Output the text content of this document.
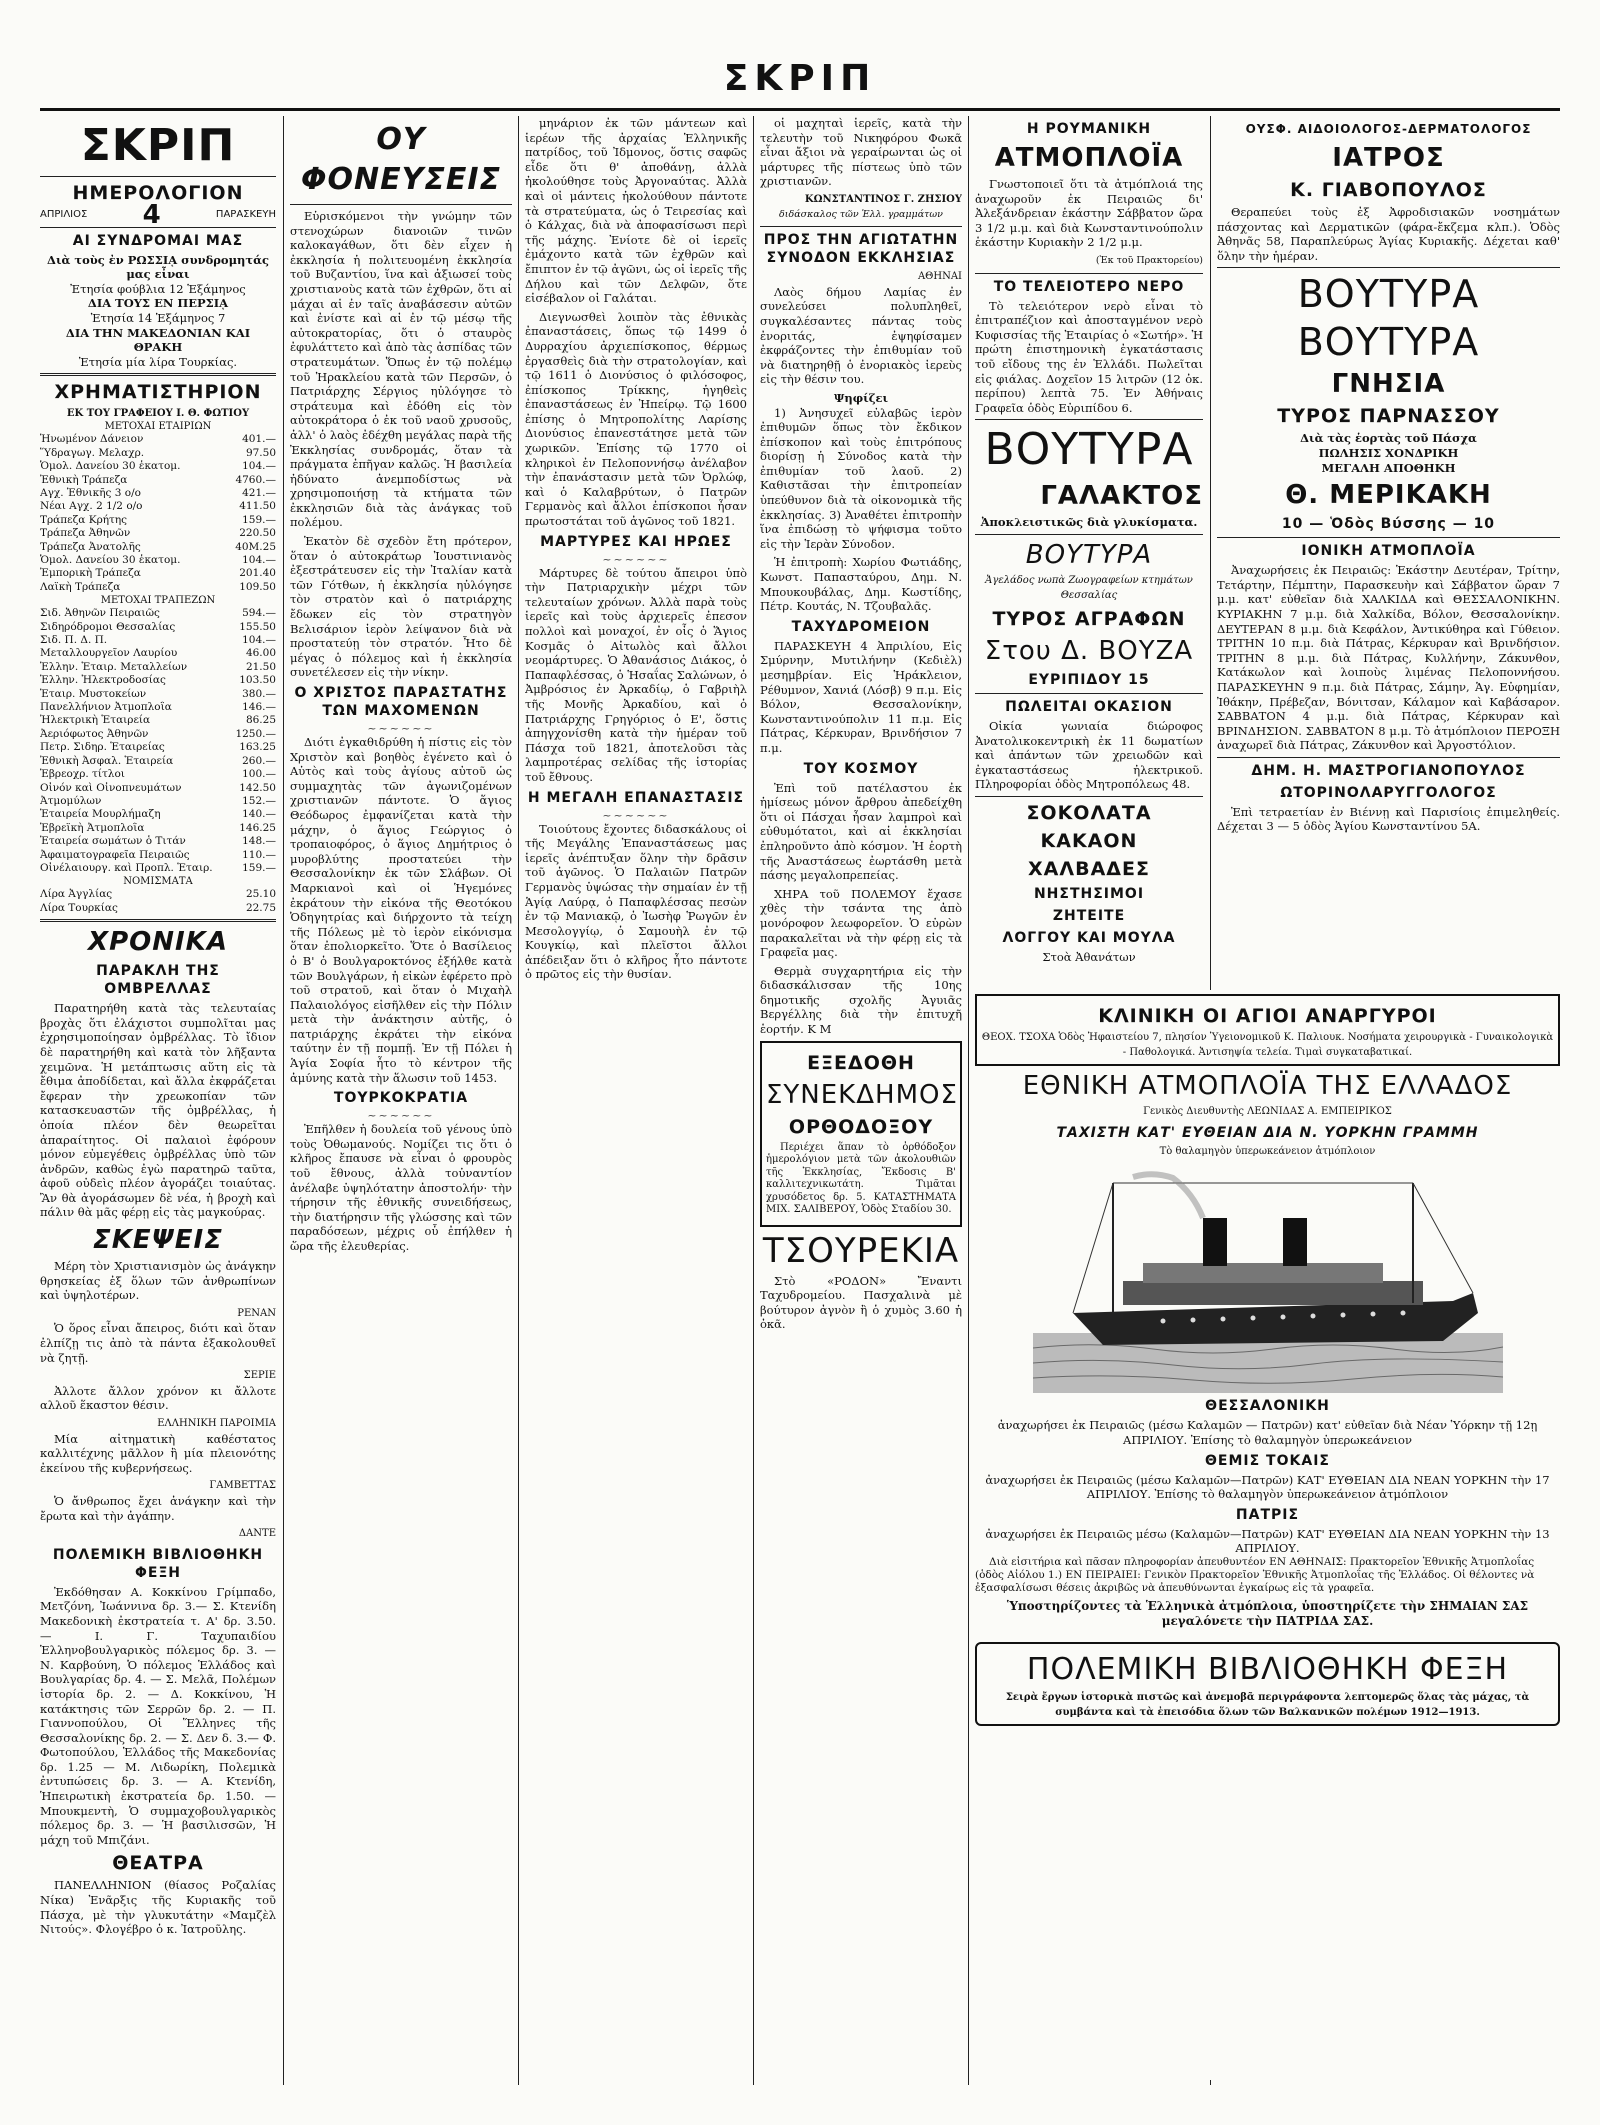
ΣΚΡΙΠ
ΣΚΡΙΠ
ΗΜΕΡΟΛΟΓΙΟΝ
ΑΠΡΙΛΙΟΣ 4	ΠΑΡΑΣΚΕΥΗ
ΑΙ ΣΥΝΔΡΟΜΑΙ ΜΑΣ
Διὰ τοὺς ἐν ΡΩΣΣΙᾼ συνδρομητάς μας εἶναι
Ἐτησία φούβλια 12 Ἑξάμηνος
ΔΙΑ ΤΟΥΣ ΕΝ ΠΕΡΣΙᾼ
Ἐτησία 14 Ἑξάμηνος 7
ΔΙΑ ΤΗΝ ΜΑΚΕΔΟΝΙΑΝ ΚΑΙ ΘΡΑΚΗ
Ἐτησία μία λίρα Τουρκίας.
ΧΡΗΜΑΤΙΣΤΗΡΙΟΝ
ΕΚ ΤΟΥ ΓΡΑΦΕΙΟΥ Ι. Θ. ΦΩΤΙΟΥ
ΜΕΤΟΧΑΙ ΕΤΑΙΡΙΩΝ
Ἡνωμένον Δάνειον	401.—
Ὕδραγωγ. Μελαχρ.	97.50
Ὁμολ. Δανείου 30 ἑκατομ.	104.—
Ἐθνικὴ Τράπεζα	4760.—
Αγχ. Ἐθνικῆς 3 ο/ο	421.—
Νέαι Αγχ. 2 1/2 ο/ο	411.50
Τράπεζα Κρήτης	159.—
Τράπεζα Ἀθηνῶν	220.50
Τράπεζα Ἀνατολῆς	40M.25
Ὁμολ. Δανείου 30 ἑκατομ.	104.—
Ἐμπορικὴ Τράπεζα	201.40
Λαϊκὴ Τράπεζα	109.50
ΜΕΤΟΧΑΙ ΤΡΑΠΕΖΩΝ
Σιδ. Ἀθηνῶν Πειραιῶς	594.—
Σιδηρόδρομοι Θεσσαλίας	155.50
Σιδ. Π. Δ. Π.	104.—
Μεταλλουργεῖον Λαυρίου	46.00
Ἑλλην. Ἑταιρ. Μεταλλείων	21.50
Ἑλλην. Ἠλεκτροδοσίας	103.50
Ἑταιρ. Μυστοκείων	380.—
Πανελλήνιον Ἀτμοπλοΐα	146.—
Ἠλεκτρικὴ Ἑταιρεία	86.25
Ἀεριόφωτος Ἀθηνῶν	1250.—
Πετρ. Σιδηρ. Ἑταιρείας	163.25
Ἐθνικὴ Ἀσφαλ. Ἑταιρεία	260.—
Ἑβρεοχρ. τίτλοι	100.—
Οἰνόν καὶ Οἰνοπνευμάτων	142.50
Ἀτμομύλων	152.—
Ἑταιρεία Μουρλήμαζη	140.—
Ἑβρεϊκὴ Ἀτμοπλοΐα	146.25
Ἑταιρεία σωμάτων ὁ Τιτάν	148.—
Ἀφαιματογραφεῖα Πειραιῶς	110.—
Οἰνέλαιουργ. καὶ Προπλ. Ἑταιρ.	159.—
ΝΟΜΙΣΜΑΤΑ
Λίρα Ἀγγλίας	25.10
Λίρα Τουρκίας	22.75
ΧΡΟΝΙΚΑ
ΠΑΡΑΚΛΗ ΤΗΣ ΟΜΒΡΕΛΛΑΣ

Παρατηρήθη κατὰ τὰς τελευταίας βροχὰς ὅτι ἐλάχιστοι συμπολῖται μας ἐχρησιμοποίησαν ὀμβρέλλας. Τὸ ἴδιον δὲ παρατηρήθη καὶ κατὰ τὸν λῆξαντα χειμῶνα. Ἡ μετάπτωσις αὕτη εἰς τὰ ἔθιμα ἀποδίδεται, καὶ ἄλλα ἐκφράζεται ἔφεραν τὴν χρεωκοπίαν τῶν κατασκευαστῶν τῆς ὀμβρέλλας, ἡ ὁποία πλέον δὲν θεωρεῖται ἀπαραίτητος. Οἱ παλαιοὶ ἐφόρουν μόνον εὐμεγέθεις ὀμβρέλλας ὑπὸ τῶν ἀνδρῶν, καθὼς ἐγὼ παρατηρῶ ταῦτα, ἀφοῦ οὐδεὶς πλέον ἀγοράζει τοιαύτας. Ἂν θὰ ἀγοράσωμεν δὲ νέα, ἡ βροχὴ καὶ πάλιν θὰ μᾶς φέρῃ εἰς τὰς μαγκούρας.

ΣΚΕΨΕΙΣ

Μέρη τὸν Χριστιανισμὸν ὡς ἀνάγκην θρησκείας ἐξ ὅλων τῶν ἀνθρωπίνων καὶ ὑψηλοτέρων.

ΡΕΝΑΝ

Ὁ ὅρος εἶναι ἄπειρος, διότι καὶ ὅταν ἐλπίζῃ τις ἀπὸ τὰ πάντα ἐξακολουθεῖ νὰ ζητῇ.

ΣΕΡΙΕ

Ἀλλοτε ἄλλον χρόνον κι ἄλλοτε αλλοῦ ἕκαστον θέσιν.

ΕΛΛΗΝΙΚΗ ΠΑΡΟΙΜΙΑ

Μία αἰτηματικὴ καθέστατος καλλιτέχνης μᾶλλον ἢ μία πλειονότης ἐκείνου τῆς κυβερνήσεως.

ΓΑΜΒΕΤΤΑΣ

Ὁ ἄνθρωπος ἔχει ἀνάγκην καὶ τὴν ἔρωτα καὶ τὴν ἀγάπην.

ΔΑΝΤΕ
ΠΟΛΕΜΙΚΗ ΒΙΒΛΙΟΘΗΚΗ ΦΕΞΗ

Ἐκδόθησαν Α. Κοκκίνου Γρίμπαδο, Μετζόνη, Ἰωάννινα δρ. 3.— Σ. Κτενίδη Μακεδονικὴ ἐκστρατεία τ. Α' δρ. 3.50.— Ι. Γ. Ταχυπαιδίου Ἑλληνοβουλγαρικὸς πόλεμος δρ. 3. — Ν. Καρβούνη, Ὁ πόλεμος Ἑλλάδος καὶ Βουλγαρίας δρ. 4. — Σ. Μελᾶ, Πολέμων ἱστορία δρ. 2. — Δ. Κοκκίνου, Ἡ κατάκτησις τῶν Σερρῶν δρ. 2. — Π. Γιαννοπούλου, Οἱ Ἕλληνες τῆς Θεσσαλονίκης δρ. 2. — Σ. Δεν δ. 3.— Φ. Φωτοπούλου, Ἑλλάδος τῆς Μακεδονίας δρ. 1.25 — Μ. Λιδωρίκη, Πολεμικὰ ἐντυπώσεις δρ. 3. — Α. Κτενίδη, Ἡπειρωτικὴ ἐκστρατεία δρ. 1.50. — Μπουκμεντὴ, Ὁ συμμαχοβουλγαρικὸς πόλεμος δρ. 3. — Ἡ βασιλισσῶν, Ἡ μάχη τοῦ Μπιζάνι.

ΘΕΑΤΡΑ

ΠΑΝΕΛΛΗΝΙΟΝ (θίασος Ροζαλίας Νίκα) Ἐνᾶρξις τῆς Κυριακῆς τοῦ Πάσχα, μὲ τὴν γλυκυτάτην «Μαμζὲλ Νιτούς». Φλογέβρο ὁ κ. Ἰατροῦλης.

ΟΥ ΦΟΝΕΥΣΕΙΣ

Εὑρισκόμενοι τὴν γνώμην τῶν στενοχώρων διανοιῶν τινῶν καλοκαγάθων, ὅτι δὲν εἶχεν ἡ ἐκκλησία ἡ πολιτευομένη ἐκκλησία τοῦ Βυζαντίου, ἵνα καὶ ἀξιωσεί τοὺς χριστιανοὺς κατὰ τῶν ἐχθρῶν, ὅτι αἱ μάχαι αἱ ἐν ταῖς ἀναβάσεσιν αὐτῶν καὶ ἐνίστε καὶ αἱ ἐν τῷ μέσῳ τῆς αὐτοκρατορίας, ὅτι ὁ σταυρὸς ἐφυλάττετο καὶ ἀπὸ τὰς ἀσπίδας τῶν στρατευμάτων. Ὅπως ἐν τῷ πολέμῳ τοῦ Ἡρακλείου κατὰ τῶν Περσῶν, ὁ Πατριάρχης Σέργιος ηὐλόγησε τὸ στράτευμα καὶ ἐδόθη εἰς τὸν αὐτοκράτορα ὁ ἐκ τοῦ ναοῦ χρυσοῦς, ἀλλ' ὁ λαὸς ἐδέχθη μεγάλας παρὰ τῆς Ἐκκλησίας συνδρομάς, ὅταν τὰ πράγματα ἐπῆγαν καλῶς. Ἡ βασιλεία ἠδύνατο ἀνεμποδίστως νὰ χρησιμοποιήσῃ τὰ κτήματα τῶν ἐκκλησιῶν διὰ τὰς ἀνάγκας τοῦ πολέμου.

Ἑκατὸν δὲ σχεδὸν ἔτη πρότερον, ὅταν ὁ αὐτοκράτωρ Ἰουστινιανὸς ἐξεστράτευσεν εἰς τὴν Ἰταλίαν κατὰ τῶν Γότθων, ἡ ἐκκλησία ηὐλόγησε τὸν στρατὸν καὶ ὁ πατριάρχης ἔδωκεν εἰς τὸν στρατηγὸν Βελισάριον ἱερὸν λείψανον διὰ νὰ προστατεύῃ τὸν στρατόν. Ἦτο δὲ μέγας ὁ πόλεμος καὶ ἡ ἐκκλησία συνετέλεσεν εἰς τὴν νίκην.

Ο ΧΡΙΣΤΟΣ ΠΑΡΑΣΤΑΤΗΣ ΤΩΝ ΜΑΧΟΜΕΝΩΝ
~~~~~~

Διότι ἐγκαθιδρύθη ἡ πίστις εἰς τὸν Χριστὸν καὶ βοηθὸς ἐγένετο καὶ ὁ Αὐτὸς καὶ τοὺς ἀγίους αὐτοῦ ὡς συμμαχητὰς τῶν ἀγωνιζομένων χριστιανῶν πάντοτε. Ὁ ἅγιος Θεόδωρος ἐμφανίζεται κατὰ τὴν μάχην, ὁ ἅγιος Γεώργιος ὁ τροπαιοφόρος, ὁ ἅγιος Δημήτριος ὁ μυροβλύτης προστατεύει τὴν Θεσσαλονίκην ἐκ τῶν Σλάβων. Οἱ Μαρκιανοὶ καὶ οἱ Ἡγεμόνες ἐκράτουν τὴν εἰκόνα τῆς Θεοτόκου Ὁδηγητρίας καὶ διήρχοντο τὰ τείχη τῆς Πόλεως μὲ τὸ ἱερὸν εἰκόνισμα ὅταν ἐπολιορκεῖτο. Ὅτε ὁ Βασίλειος ὁ Β' ὁ Βουλγαροκτόνος ἐξήλθε κατὰ τῶν Βουλγάρων, ἡ εἰκὼν ἐφέρετο πρὸ τοῦ στρατοῦ, καὶ ὅταν ὁ Μιχαὴλ Παλαιολόγος εἰσῆλθεν εἰς τὴν Πόλιν μετὰ τὴν ἀνάκτησιν αὐτῆς, ὁ πατριάρχης ἐκράτει τὴν εἰκόνα ταύτην ἐν τῇ πομπῇ. Ἐν τῇ Πόλει ἡ Ἁγία Σοφία ἦτο τὸ κέντρον τῆς ἀμύνης κατὰ τὴν ἅλωσιν τοῦ 1453.

ΤΟΥΡΚΟΚΡΑΤΙΑ
~~~~~~

Ἐπῆλθεν ἡ δουλεία τοῦ γένους ὑπὸ τοὺς Ὀθωμανούς. Νομίζει τις ὅτι ὁ κλῆρος ἔπαυσε νὰ εἶναι ὁ φρουρὸς τοῦ ἔθνους, ἀλλὰ τοὐναντίον ἀνέλαβε ὑψηλότατην ἀποστολήν· τὴν τήρησιν τῆς ἐθνικῆς συνειδήσεως, τὴν διατήρησιν τῆς γλώσσης καὶ τῶν παραδόσεων, μέχρις οὗ ἐπήλθεν ἡ ὥρα τῆς ἐλευθερίας.

μηνάριον ἐκ τῶν μάντεων καὶ ἱερέων τῆς ἀρχαίας Ἑλληνικῆς πατρίδος, τοῦ Ἰδμονος, ὅστις σαφῶς εἶδε ὅτι θ' ἀποθάνῃ, ἀλλὰ ἠκολούθησε τοὺς Ἀργοναύτας. Ἀλλὰ καὶ οἱ μάντεις ἠκολούθουν πάντοτε τὰ στρατεύματα, ὡς ὁ Τειρεσίας καὶ ὁ Κάλχας, διὰ νὰ ἀποφασίσωσι περὶ τῆς μάχης. Ἐνίοτε δὲ οἱ ἱερεῖς ἐμάχοντο κατὰ τῶν ἐχθρῶν καὶ ἔπιπτον ἐν τῷ ἀγῶνι, ὡς οἱ ἱερεῖς τῆς Δήλου καὶ τῶν Δελφῶν, ὅτε εἰσέβαλον οἱ Γαλάται.

Διεγνωσθεὶ λοιπὸν τὰς ἐθνικὰς ἐπαναστάσεις, ὅπως τῷ 1499 ὁ Δυρραχίου ἀρχιεπίσκοπος, θέρμως ἐργασθεὶς διὰ τὴν στρατολογίαν, καὶ τῷ 1611 ὁ Διονύσιος ὁ φιλόσοφος, ἐπίσκοπος Τρίκκης, ἡγηθεὶς ἐπαναστάσεως ἐν Ἠπείρῳ. Τῷ 1600 ἐπίσης ὁ Μητροπολίτης Λαρίσης Διονύσιος ἐπανεστάτησε μετὰ τῶν χωρικῶν. Ἐπίσης τῷ 1770 οἱ κληρικοὶ ἐν Πελοποννήσῳ ἀνέλαβον τὴν ἐπανάστασιν μετὰ τῶν Ὀρλώφ, καὶ ὁ Καλαβρύτων, ὁ Πατρῶν Γερμανὸς καὶ ἄλλοι ἐπίσκοποι ἦσαν πρωτοστάται τοῦ ἀγῶνος τοῦ 1821.

ΜΑΡΤΥΡΕΣ ΚΑΙ ΗΡΩΕΣ
~~~~~~

Μάρτυρες δὲ τούτου ἄπειροι ὑπὸ τὴν Πατριαρχικὴν μέχρι τῶν τελευταίων χρόνων. Ἀλλὰ παρὰ τοὺς ἱερεῖς καὶ τοὺς ἀρχιερεῖς ἐπεσον πολλοὶ καὶ μοναχοί, ἐν οἷς ὁ Ἅγιος Κοσμᾶς ὁ Αἰτωλὸς καὶ ἄλλοι νεομάρτυρες. Ὁ Ἀθανάσιος Διάκος, ὁ Παπαφλέσσας, ὁ Ἡσαΐας Σαλώνων, ὁ Ἀμβρόσιος ἐν Ἀρκαδίῳ, ὁ Γαβριὴλ τῆς Μονῆς Ἀρκαδίου, καὶ ὁ Πατριάρχης Γρηγόριος ὁ Ε', ὅστις ἀπηγχονίσθη κατὰ τὴν ἡμέραν τοῦ Πάσχα τοῦ 1821, ἀποτελοῦσι τὰς λαμπροτέρας σελίδας τῆς ἱστορίας τοῦ ἔθνους.

Η ΜΕΓΑΛΗ ΕΠΑΝΑΣΤΑΣΙΣ
~~~~~~

Τοιούτους ἔχοντες διδασκάλους οἱ τῆς Μεγάλης Ἐπαναστάσεως μας ἱερεῖς ἀνέπτυξαν ὅλην τὴν δρᾶσιν τοῦ ἀγῶνος. Ὁ Παλαιῶν Πατρῶν Γερμανὸς ὑψώσας τὴν σημαίαν ἐν τῇ Ἁγίᾳ Λαύρᾳ, ὁ Παπαφλέσσας πεσὼν ἐν τῷ Μανιακῷ, ὁ Ἰωσὴφ Ῥωγῶν ἐν Μεσολογγίῳ, ὁ Σαμουὴλ ἐν τῷ Κουγκίῳ, καὶ πλεῖστοι ἄλλοι ἀπέδειξαν ὅτι ὁ κλῆρος ἦτο πάντοτε ὁ πρῶτος εἰς τὴν θυσίαν.

οἱ μαχηταὶ ἱερεῖς, κατὰ τὴν τελευτὴν τοῦ Νικηφόρου Φωκᾶ εἶναι ἄξιοι νὰ γεραίρωνται ὡς οἱ μάρτυρες τῆς πίστεως ὑπὸ τῶν χριστιανῶν.

ΚΩΝΣΤΑΝΤΙΝΟΣ Γ. ΖΗΣΙΟΥ
διδάσκαλος τῶν Ἑλλ. γραμμάτων
ΠΡΟΣ ΤΗΝ ΑΓΙΩΤΑΤΗΝ ΣΥΝΟΔΟΝ ΕΚΚΛΗΣΙΑΣ
ΑΘΗΝΑΙ

Λαὸς δήμου Λαμίας ἐν συνελεύσει πολυπληθεῖ, συγκαλέσαντες πάντας τοὺς ἐνοριτάς, ἐψηφίσαμεν ἐκφράζοντες τὴν ἐπιθυμίαν τοῦ νὰ διατηρηθῇ ὁ ἐνοριακὸς ἱερεὺς εἰς τὴν θέσιν του.

Ψηφίζει

1) Ἀνησυχεῖ εὐλαβῶς ἱερὸν ἐπιθυμῶν ὅπως τὸν ἔκδικον ἐπίσκοπον καὶ τοὺς ἐπιτρόπους διορίσῃ ἡ Σύνοδος κατὰ τὴν ἐπιθυμίαν τοῦ λαοῦ. 2) Καθιστᾶσαι τὴν ἐπιτροπείαν ὑπεύθυνον διὰ τὰ οἰκονομικὰ τῆς ἐκκλησίας. 3) Ἀναθέτει ἐπιτροπὴν ἵνα ἐπιδώσῃ τὸ ψήφισμα τοῦτο εἰς τὴν Ἱερὰν Σύνοδον.

Ἡ ἐπιτροπὴ: Χωρίου Φωτιάδης, Κωνστ. Παπασταύρου, Δημ. Ν. Μπουκουβάλας, Δημ. Κωστίδης, Πέτρ. Κουτάς, Ν. Τζουβαλᾶς.

ΤΑΧΥΔΡΟΜΕΙΟΝ

ΠΑΡΑΣΚΕΥΗ 4 Ἀπριλίου, Εἰς Σμύρνην, Μυτιλήνην (Κεδιὲλ) μεσημβρίαν. Εἰς Ἡράκλειον, Ρέθυμνον, Χανιά (Λόσβ) 9 π.μ. Εἰς Βόλον, Θεσσαλονίκην, Κωνσταντινούπολιν 11 π.μ. Εἰς Πάτρας, Κέρκυραν, Βρινδήσιον 7 π.μ.

ΤΟΥ ΚΟΣΜΟΥ

Ἐπὶ τοῦ πατέλαστου ἐκ ἡμίσεως μόνον ἄρθρου ἀπεδείχθη ὅτι οἱ Πάσχαι ἦσαν λαμπροὶ καὶ εὐθυμότατοι, καὶ αἱ ἐκκλησίαι ἐπληροῦντο ἀπὸ κόσμον. Ἡ ἑορτὴ τῆς Ἀναστάσεως ἐωρτάσθη μετὰ πάσης μεγαλοπρεπείας.

ΧΗΡΑ τοῦ ΠΟΛΕΜΟΥ ἔχασε χθὲς τὴν τσάντα της ἀπὸ μονόροφον λεωφορεῖον. Ὁ εὑρὼν παρακαλεῖται νὰ τὴν φέρῃ εἰς τὰ Γραφεῖα μας.

Θερμὰ συγχαρητήρια εἰς τὴν διδασκάλισσαν τῆς 10ης δημοτικῆς σχολῆς Ἀγυιᾶς Βεργέλλης διὰ τὴν ἐπιτυχῆ ἑορτήν. Κ Μ

ΕΞΕΔΟΘΗ
ΣΥΝΕΚΔΗΜΟΣ
ΟΡΘΟΔΟΞΟΥ

Περιέχει ἅπαν τὸ ὀρθόδοξον ἡμερολόγιον μετὰ τῶν ἀκολουθιῶν τῆς Ἐκκλησίας, Ἔκδοσις Β' καλλιτεχνικωτάτη. Τιμᾶται χρυσόδετος δρ. 5. ΚΑΤΑΣΤΗΜΑΤΑ ΜΙΧ. ΣΑΛΙΒΕΡΟΥ, Ὁδὸς Σταδίου 30.

ΤΣΟΥΡΕΚΙΑ

Στὸ «ΡΟΔΟΝ» Ἔναντι Ταχυδρομείου. Πασχαλινὰ μὲ βούτυρον ἀγνὸν ἢ ὁ χυμὸς 3.60 ἡ ὀκᾶ.

Η ΡΟΥΜΑΝΙΚΗ
ΑΤΜΟΠΛΟΪΑ

Γνωστοποιεῖ ὅτι τὰ ἀτμόπλοιά της ἀναχωροῦν ἐκ Πειραιῶς δι' Ἀλεξάνδρειαν ἑκάστην Σάββατον ὥρα 3 1/2 μ.μ. καὶ διὰ Κωνσταντινούπολιν ἑκάστην Κυριακὴν 2 1/2 μ.μ.

(Ἐκ τοῦ Πρακτορείου)
ΤΟ ΤΕΛΕΙΟΤΕΡΟ ΝΕΡΟ

Τὸ τελειότερον νερὸ εἶναι τὸ ἐπιτραπέζιον καὶ ἀποσταγμένον νερὸ Κυφισσίας τῆς Ἑταιρίας ὁ «Σωτήρ». Ἡ πρώτη ἐπιστημονικὴ ἐγκατάστασις τοῦ εἴδους της ἐν Ἑλλάδι. Πωλεῖται εἰς φιάλας. Δοχεῖον 15 λιτρῶν (12 ὀκ. περίπου) λεπτὰ 75. Ἐν Ἀθήναις Γραφεῖα ὁδὸς Εὐριπίδου 6.

ΒΟΥΤΥΡΑ
ΓΑΛΑΚΤΟΣ
Ἀποκλειστικῶς διὰ γλυκίσματα.
ΒΟΥΤΥΡΑ
Ἀγελάδος νωπὰ Ζωογραφείων κτημάτων Θεσσαλίας
ΤΥΡΟΣ ΑΓΡΑΦΩΝ
Στου Δ. ΒΟΥΖΑ
ΕΥΡΙΠΙΔΟΥ 15
ΠΩΛΕΙΤΑΙ ΟΚΑΣΙΟΝ

Οἰκία γωνιαία διώροφος Ἀνατολικοκεντρικὴ ἐκ 11 δωματίων καὶ ἁπάντων τῶν χρειωδῶν καὶ ἐγκαταστάσεως ἠλεκτρικοῦ. Πληροφορίαι ὁδὸς Μητροπόλεως 48.

ΣΟΚΟΛΑΤΑ
ΚΑΚΑΟΝ
ΧΑΛΒΑΔΕΣ
ΝΗΣΤΗΣΙΜΟΙ
ΖΗΤΕΙΤΕ
ΛΟΓΓΟΥ ΚΑΙ ΜΟΥΛΑ
Στοὰ Ἀθανάτων
ΟΥΣΦ. ΑΙΔΟΙΟΛΟΓΟΣ-ΔΕΡΜΑΤΟΛΟΓΟΣ
ΙΑΤΡΟΣ
Κ. ΓΙΑΒΟΠΟΥΛΟΣ

Θεραπεύει τοὺς ἐξ Ἀφροδισιακῶν νοσημάτων πάσχοντας καὶ Δερματικῶν (φάρα-ἔκζεμα κλπ.). Ὁδὸς Ἀθηνᾶς 58, Παραπλεύρως Ἁγίας Κυριακῆς. Δέχεται καθ' ὅλην τὴν ἡμέραν.

ΒΟΥΤΥΡΑ
ΒΟΥΤΥΡΑ
ΓΝΗΣΙΑ
ΤΥΡΟΣ ΠΑΡΝΑΣΣΟΥ
Διὰ τὰς ἑορτὰς τοῦ Πάσχα
ΠΩΛΗΣΙΣ ΧΟΝΔΡΙΚΗ
ΜΕΓΑΛΗ ΑΠΟΘΗΚΗ
Θ. ΜΕΡΙΚΑΚΗ
10 — Ὁδὸς Βύσσης — 10
ΙΟΝΙΚΗ ΑΤΜΟΠΛΟΪΑ

Ἀναχωρήσεις ἐκ Πειραιῶς: Ἑκάστην Δευτέραν, Τρίτην, Τετάρτην, Πέμπτην, Παρασκευὴν καὶ Σάββατον ὥραν 7 μ.μ. κατ' εὐθεῖαν διὰ ΧΑΛΚΙΔΑ καὶ ΘΕΣΣΑΛΟΝΙΚΗΝ. ΚΥΡΙΑΚΗΝ 7 μ.μ. διὰ Χαλκίδα, Βόλον, Θεσσαλονίκην. ΔΕΥΤΕΡΑΝ 8 μ.μ. διὰ Κεφάλον, Ἀντικύθηρα καὶ Γύθειον. ΤΡΙΤΗΝ 10 π.μ. διὰ Πάτρας, Κέρκυραν καὶ Βρινδήσιον. ΤΡΙΤΗΝ 8 μ.μ. διὰ Πάτρας, Κυλλήνην, Ζάκυνθον, Κατάκωλον καὶ λοιποὺς λιμένας Πελοποννήσου. ΠΑΡΑΣΚΕΥΗΝ 9 π.μ. διὰ Πάτρας, Σάμην, Ἁγ. Εὐφημίαν, Ἰθάκην, Πρέβεζαν, Βόνιτσαν, Κάλαμον καὶ Καβάσαρον. ΣΑΒΒΑΤΟΝ 4 μ.μ. διὰ Πάτρας, Κέρκυραν καὶ ΒΡΙΝΔΗΣΙΟΝ. ΣΑΒΒΑΤΟΝ 8 μ.μ. Τὸ ἀτμόπλοιον ΠΕΡΟΞΗ ἀναχωρεῖ διὰ Πάτρας, Ζάκυνθον καὶ Ἀργοστόλιον.

ΔΗΜ. Η. ΜΑΣΤΡΟΓΙΑΝΟΠΟΥΛΟΣ
ΩΤΟΡΙΝΟΛΑΡΥΓΓΟΛΟΓΟΣ

Ἐπὶ τετραετίαν ἐν Βιέννῃ καὶ Παρισίοις ἐπιμεληθείς. Δέχεται 3 — 5 ὁδὸς Ἁγίου Κωνσταντίνου 5Α.

ΚΛΙΝΙΚΗ ΟΙ ΑΓΙΟΙ ΑΝΑΡΓΥΡΟΙ
ΘΕΟΧ. ΤΣΟΧΑ Ὁδὸς Ἡφαιστείου 7, πλησίον Ὑγειονομικοῦ Κ. Παλιουκ. Νοσήματα χειρουργικὰ - Γυναικολογικὰ - Παθολογικά. Ἀντισηψία τελεία. Τιμαὶ συγκαταβατικαί.
ΕΘΝΙΚΗ ΑΤΜΟΠΛΟΪΑ ΤΗΣ ΕΛΛΑΔΟΣ
Γενικὸς Διευθυντὴς ΛΕΩΝΙΔΑΣ Α. ΕΜΠΕΙΡΙΚΟΣ
ΤΑΧΙΣΤΗ ΚΑΤ' ΕΥΘΕΙΑΝ ΔΙΑ Ν. ΥΟΡΚΗΝ ΓΡΑΜΜΗ
Τὸ θαλαμηγὸν ὑπερωκεάνειον ἀτμόπλοιον
ΘΕΣΣΑΛΟΝΙΚΗ
ἀναχωρήσει ἐκ Πειραιῶς (μέσω Καλαμῶν — Πατρῶν) κατ' εὐθεῖαν διὰ Νέαν Ὑόρκην τῇ 12ῃ ΑΠΡΙΛΙΟΥ. Ἐπίσης τὸ θαλαμηγὸν ὑπερωκεάνειον
ΘΕΜΙΣ ΤΟΚΑΙΣ
ἀναχωρήσει ἐκ Πειραιῶς (μέσω Καλαμῶν—Πατρῶν) ΚΑΤ' ΕΥΘΕΙΑΝ ΔΙΑ ΝΕΑΝ ΥΟΡΚΗΝ τὴν 17 ΑΠΡΙΛΙΟΥ. Ἐπίσης τὸ θαλαμηγὸν ὑπερωκεάνειον ἀτμόπλοιον
ΠΑΤΡΙΣ
ἀναχωρήσει ἐκ Πειραιῶς μέσω (Καλαμῶν—Πατρῶν) ΚΑΤ' ΕΥΘΕΙΑΝ ΔΙΑ ΝΕΑΝ ΥΟΡΚΗΝ τὴν 13 ΑΠΡΙΛΙΟΥ.

Διὰ εἰσιτήρια καὶ πᾶσαν πληροφορίαν ἀπευθυντέον ΕΝ ΑΘΗΝΑΙΣ: Πρακτορεῖον Ἐθνικῆς Ἀτμοπλοΐας (ὁδὸς Αἰόλου 1.) ΕΝ ΠΕΙΡΑΙΕΙ: Γενικὸν Πρακτορεῖον Ἐθνικῆς Ἀτμοπλοΐας τῆς Ἑλλάδος. Οἱ θέλοντες νὰ ἐξασφαλίσωσι θέσεις ἀκριβῶς νὰ ἀπευθύνωνται ἐγκαίρως εἰς τὰ γραφεῖα.

Ὑποστηρίζοντες τὰ Ἑλληνικὰ ἀτμόπλοια, ὑποστηρίζετε τὴν ΣΗΜΑΙΑΝ ΣΑΣ μεγαλόνετε τὴν ΠΑΤΡΙΔΑ ΣΑΣ.
ΠΟΛΕΜΙΚΗ ΒΙΒΛΙΟΘΗΚΗ ΦΕΞΗ
Σειρὰ ἔργων ἱστορικὰ πιστῶς καὶ ἀνεμοβᾶ περιγράφοντα λεπτομερῶς ὅλας τὰς μάχας, τὰ συμβάντα καὶ τὰ ἐπεισόδια ὅλων τῶν Βαλκανικῶν πολέμων 1912—1913.
